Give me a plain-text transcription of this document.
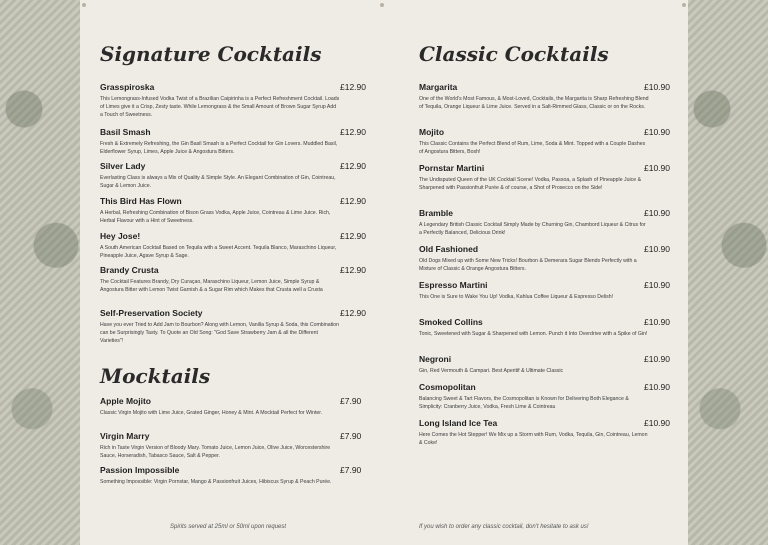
Signature Cocktails	Classic Cocktails
Mocktails
Grasspiroska	£12.90
This Lemongrass-Infused Vodka Twist of a Brazilian Caipirinha is a Perfect Refreshment Cocktail. Loads of Limes give it a Crisp, Zesty taste. While Lemongrass & the Small Amount of Brown Sugar Syrup Add a Touch of Sweetness.
Basil Smash	£12.90
Fresh & Extremely Refreshing, the Gin Basil Smash is a Perfect Cocktail for Gin Lovers. Muddled Basil, Elderflower Syrup, Limes, Apple Juice & Angostura Bitters.
Silver Lady	£12.90
Everlasting Class is always a Mix of Quality & Simple Style. An Elegant Combination of Gin, Cointreau, Sugar & Lemon Juice.
This Bird Has Flown	£12.90
A Herbal, Refreshing Combination of Bison Grass Vodka, Apple Juice, Cointreau & Lime Juice. Rich, Herbal Flavour with a Hint of Sweetness.
Hey Jose!	£12.90
A South American Cocktail Based on Tequila with a Sweet Accent. Tequila Blanco, Maraschino Liqueur, Pineapple Juice, Agave Syrup & Sage.
Brandy Crusta	£12.90
The Cocktail Features Brandy, Dry Curaçao, Maraschino Liqueur, Lemon Juice, Simple Syrup & Angostura Bitter with Lemon Twist Garnish & a Sugar Rim which Makes that Crusta well a Crusta
Self-Preservation Society	£12.90
Have you ever Tried to Add Jam to Bourbon? Along with Lemon, Vanilla Syrup & Soda, this Combination can be Surprisingly Tasty. To Quote an Old Song: "God Save Strawberry Jam & all the Different Varieties"!
Apple Mojito	£7.90
Classic Virgin Mojito with Lime Juice, Grated Ginger, Honey & Mint. A Mocktail Perfect for Winter.
Virgin Marry	£7.90
Rich in Taste Virgin Version of Bloody Mary. Tomato Juice, Lemon Juice, Olive Juice, Worcestershire Sauce, Horseradish, Tabasco Sauce, Salt & Pepper.
Passion Impossible	£7.90
Something Impossible: Virgin Pornstar, Mango & Passionfruit Juices, Hibiscus Syrup & Peach Purée.
Margarita	£10.90
One of the World's Most Famous, & Most-Loved, Cocktails, the Margarita is Sharp Refreshing Blend of Tequila, Orange Liqueur & Lime Juice. Served in a Salt-Rimmed Glass, Classic or on the Rocks.
Mojito	£10.90
This Classic Contains the Perfect Blend of Rum, Lime, Soda & Mint. Topped with a Couple Dashes of Angostura Bitters, Bosh!
Pornstar Martini	£10.90
The Undisputed Queen of the UK Cocktail Scene! Vodka, Passoa, a Splash of Pineapple Juice & Sharpened with Passionfruit Purée & of course, a Shot of Prosecco on the Side!
Bramble	£10.90
A Legendary British Classic Cocktail Simply Made by Churning Gin, Chambord Liqueur & Citrus for a Perfectly Balanced, Delicious Drink!
Old Fashioned	£10.90
Old Dogs Mixed up with Some New Tricks! Bourbon & Demerara Sugar Blends Perfectly with a Mixture of Classic & Orange Angostura Bitters.
Espresso Martini	£10.90
This One is Sure to Wake You Up! Vodka, Kahlua Coffee Liqueur & Espresso Delish!
Smoked Collins	£10.90
Tonic, Sweetened with Sugar & Sharpened with Lemon. Punch it Into Overdrive with a Spike of Gin!
Negroni	£10.90
Gin, Red Vermouth & Campari. Best Aperitif & Ultimate Classic
Cosmopolitan	£10.90
Balancing Sweet & Tart Flavors, the Cosmopolitan is Known for Delivering Both Elegance & Simplicity: Cranberry Juice, Vodka, Fresh Lime & Cointreau
Long Island Ice Tea	£10.90
Here Comes the Hot Stepper! We Mix up a Storm with Rum, Vodka, Tequila, Gin, Cointreau, Lemon & Coke!
Spirits served at 25ml or 50ml upon request	If you wish to order any classic cocktail, don't hesitate to ask us!
